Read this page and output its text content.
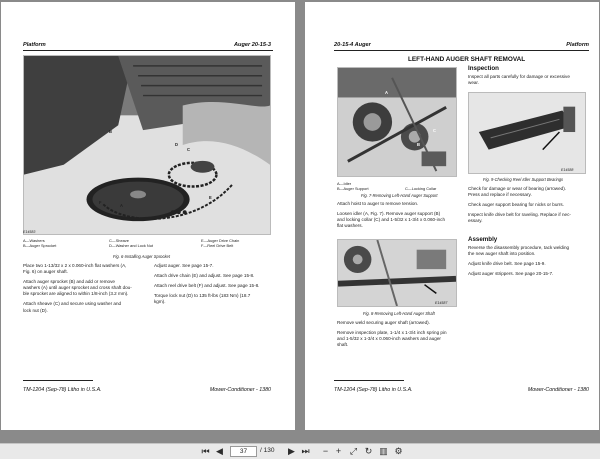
Platform	Auger 20-15-3
B
D
C
A
E
F
E14583
A—Washers
B—Auger Sprocket
C—Sheave
D—Washer and Lock Nut
E—Auger Drive Chain
F—Reel Drive Belt
Fig. 6-Installing Auger Sprocket
Place two 1-13/32 x 2 x 0.060-inch flat washers (A,
Fig. 6) on auger shaft.
Attach auger sprocket (B) and add or remove
washers (A) until auger sprocket and cross shaft dou-
ble sprocket are aligned to within 1/8-inch (3.2 mm).
Attach sheave (C) and secure using washer and
lock nut (D).
Adjust auger. See page 15-7.
Attach drive chain (E) and adjust. See page 15-8.
Attach reel drive belt (F) and adjust. See page 15-8.
Torque lock nut (D) to 135 ft-lbs (183 Nm) (18.7
kgm).
TM-1204 (Sep-78) Litho in U.S.A.	Mower-Conditioner - 1380
20-15-4 Auger	Platform
LEFT-HAND AUGER SHAFT REMOVAL
A
B
C
A—Idler
B—Auger Support	C—Locking Collar
Fig. 7-Removing Left-Hand Auger Support
Attach hoist to auger to remove tension.
Loosen idler (A, Fig. 7). Remove auger support (B)
and locking collar (C) and 1-5/32 x 1-3/4 x 0.060-inch
flat washers.
E14587
Fig. 8-Removing Left-Hand Auger Shaft
Remove weld securing auger shaft (arrowed).
Remove inspection plate, 1-1/4 x 1-3/4 inch spring pin
and 1-5/32 x 1-3/4 x 0.060-inch washers and auger
shaft.
Inspection
Inspect all parts carefully for damage or excessive
wear.
E14588
Fig. 9-Checking Reel Idler Support Bearings
Check for damage or wear of bearing (arrowed).
Press and replace if necessary.
Check auger support bearing for nicks or burrs.
Inspect knife drive belt for raveling. Replace if nec-
essary.
Assembly
Reverse the disassembly procedure, tack welding
the new auger shaft into position.
Adjust knife drive belt. See page 15-9.
Adjust auger strippers. See page 20-15-7.
TM-1204 (Sep-78) Litho in U.S.A.	Mower-Conditioner - 1380
⏮ ◀	37	/ 130 ▶ ⏭	− + ⤢ ↻ ▥ ⚙
